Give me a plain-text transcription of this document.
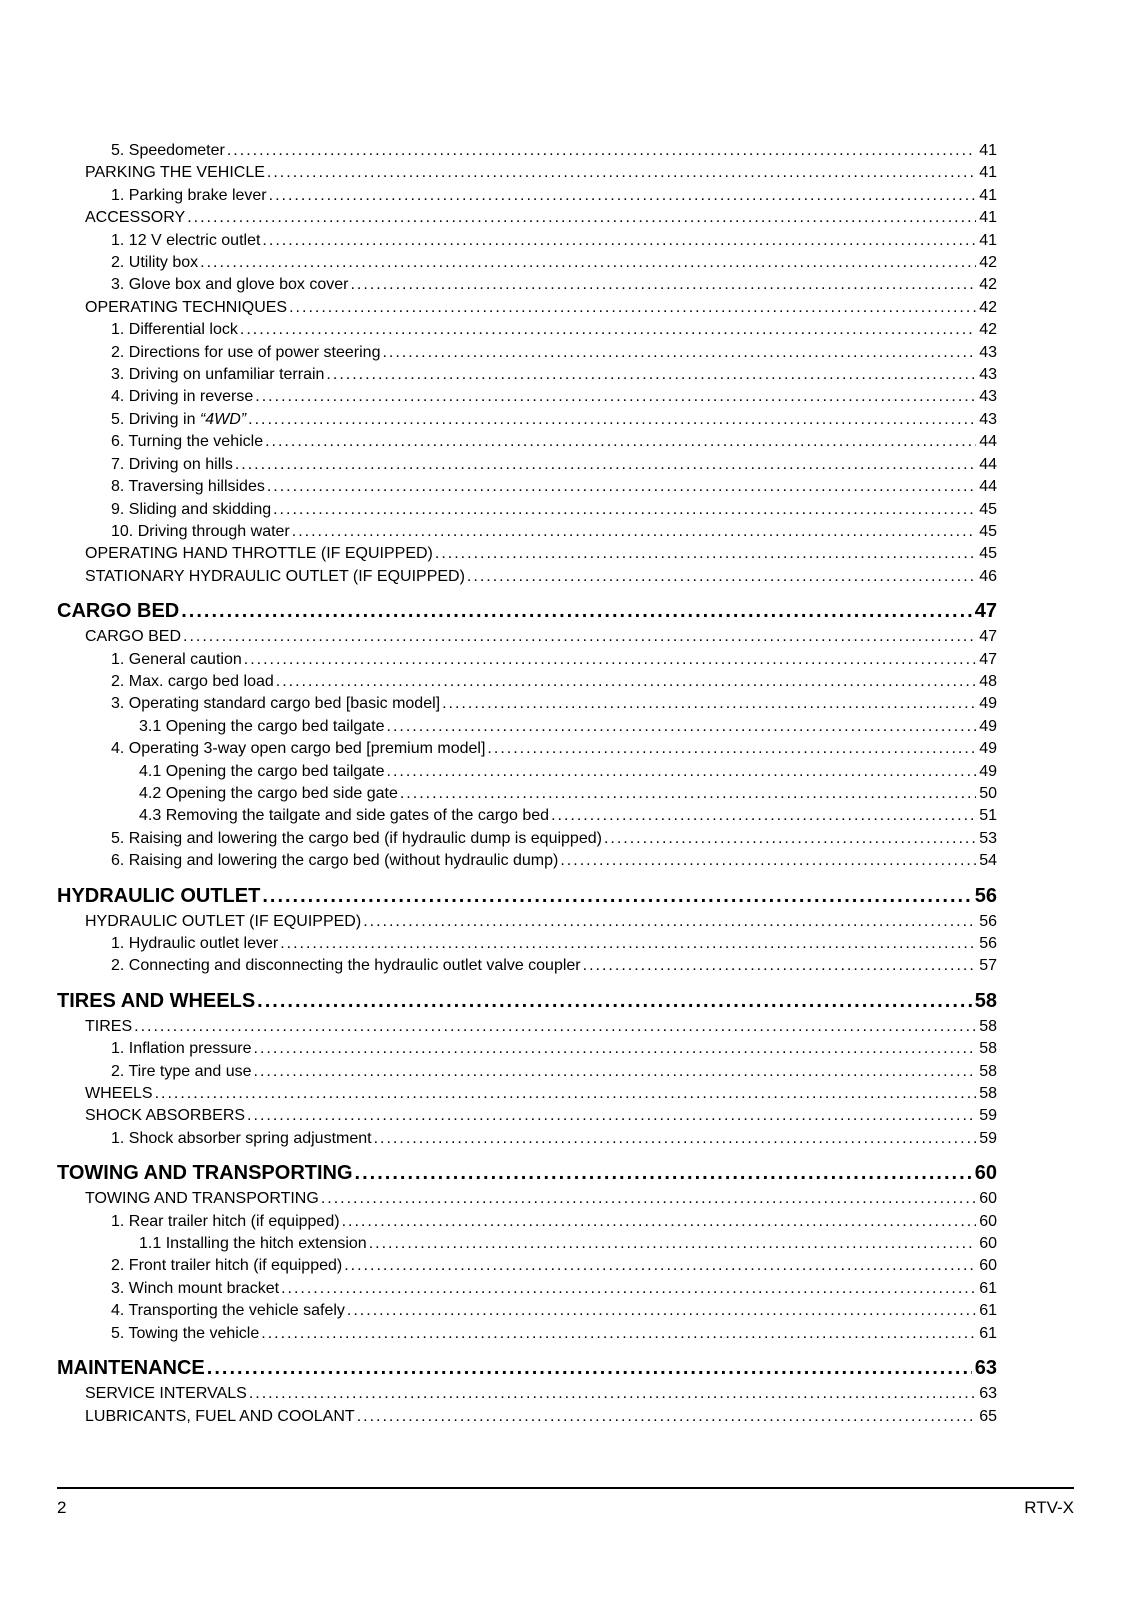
5. Speedometer .....	41
PARKING THE VEHICLE .....	41
1. Parking brake lever .....	41
ACCESSORY .....	41
1. 12 V electric outlet .....	41
2. Utility box .....	42
3. Glove box and glove box cover .....	42
OPERATING TECHNIQUES .....	42
1. Differential lock .....	42
2. Directions for use of power steering .....	43
3. Driving on unfamiliar terrain .....	43
4. Driving in reverse .....	43
5. Driving in “4WD” .....	43
6. Turning the vehicle .....	44
7. Driving on hills .....	44
8. Traversing hillsides .....	44
9. Sliding and skidding .....	45
10. Driving through water .....	45
OPERATING HAND THROTTLE (IF EQUIPPED) .....	45
STATIONARY HYDRAULIC OUTLET (IF EQUIPPED) .....	46
CARGO BED .....	47
CARGO BED .....	47
1. General caution .....	47
2. Max. cargo bed load .....	48
3. Operating standard cargo bed [basic model] .....	49
3.1 Opening the cargo bed tailgate .....	49
4. Operating 3-way open cargo bed [premium model] .....	49
4.1 Opening the cargo bed tailgate .....	49
4.2 Opening the cargo bed side gate .....	50
4.3 Removing the tailgate and side gates of the cargo bed .....	51
5. Raising and lowering the cargo bed (if hydraulic dump is equipped) .....	53
6. Raising and lowering the cargo bed (without hydraulic dump) .....	54
HYDRAULIC OUTLET .....	56
HYDRAULIC OUTLET (IF EQUIPPED) .....	56
1. Hydraulic outlet lever .....	56
2. Connecting and disconnecting the hydraulic outlet valve coupler .....	57
TIRES AND WHEELS .....	58
TIRES .....	58
1. Inflation pressure .....	58
2. Tire type and use .....	58
WHEELS .....	58
SHOCK ABSORBERS .....	59
1. Shock absorber spring adjustment .....	59
TOWING AND TRANSPORTING .....	60
TOWING AND TRANSPORTING .....	60
1. Rear trailer hitch (if equipped) .....	60
1.1 Installing the hitch extension .....	60
2. Front trailer hitch (if equipped) .....	60
3. Winch mount bracket .....	61
4. Transporting the vehicle safely .....	61
5. Towing the vehicle .....	61
MAINTENANCE .....	63
SERVICE INTERVALS .....	63
LUBRICANTS, FUEL AND COOLANT .....	65
2	RTV-X
